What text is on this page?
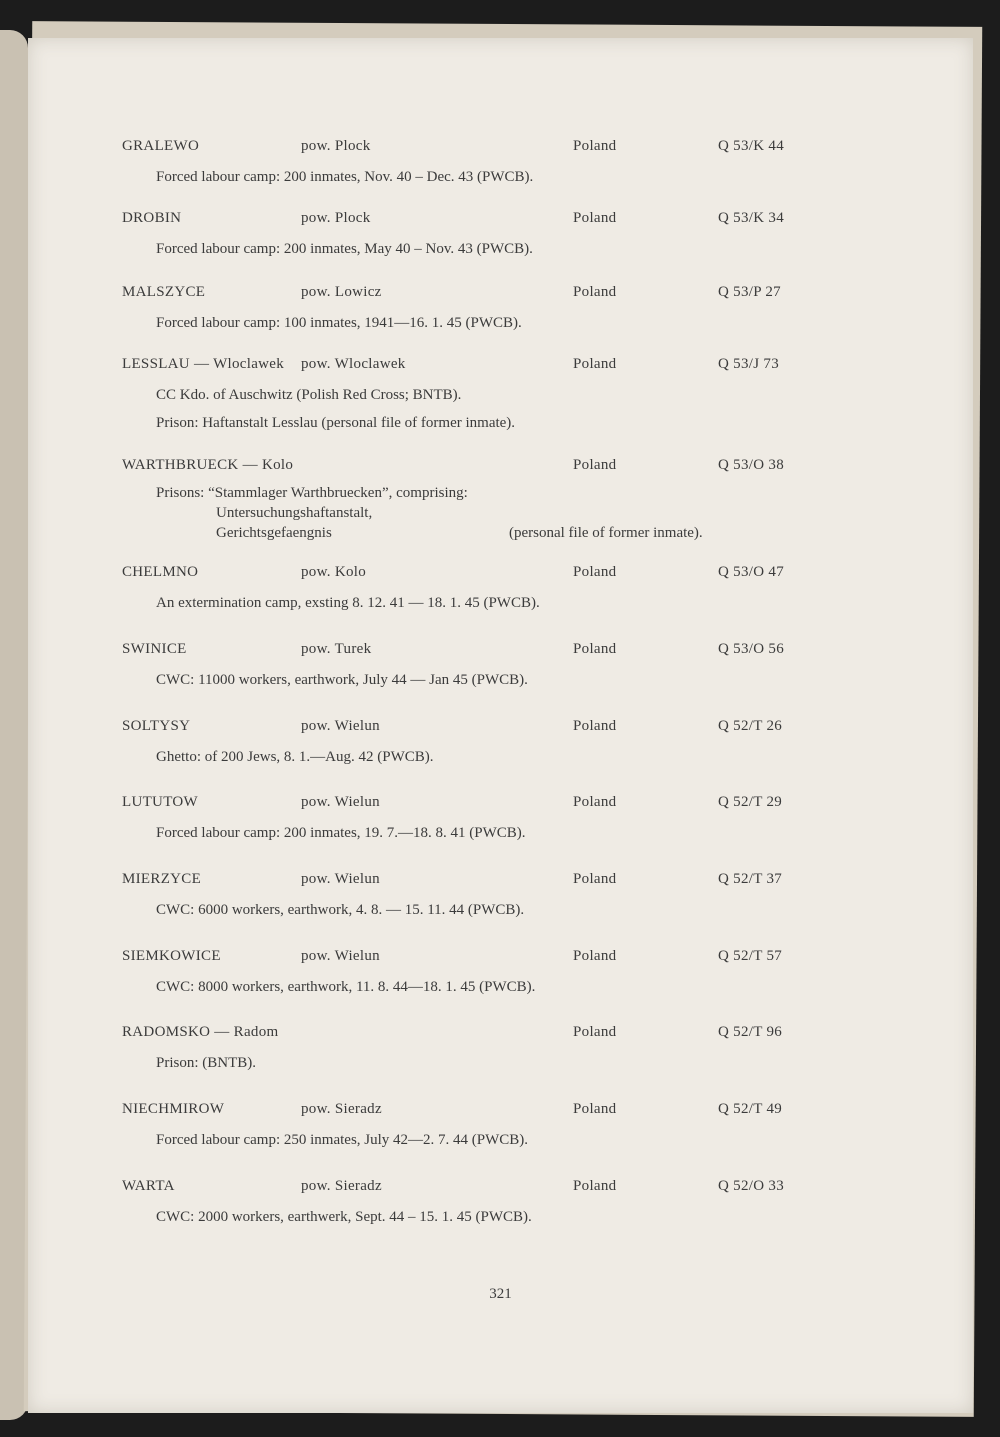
GRALEWO	pow. Plock	Poland	Q 53/K 44
Forced labour camp: 200 inmates, Nov. 40 – Dec. 43 (PWCB).
DROBIN	pow. Plock	Poland	Q 53/K 34
Forced labour camp: 200 inmates, May 40 – Nov. 43 (PWCB).
MALSZYCE	pow. Lowicz	Poland	Q 53/P 27
Forced labour camp: 100 inmates, 1941—16. 1. 45 (PWCB).
LESSLAU — Wloclawek pow. Wloclawek	Poland	Q 53/J 73
CC Kdo. of Auschwitz (Polish Red Cross; BNTB).
Prison: Haftanstalt Lesslau (personal file of former inmate).
WARTHBRUECK — Kolo	Poland	Q 53/O 38
Prisons: “Stammlager Warthbruecken”, comprising:
Untersuchungshaftanstalt,
Gerichtsgefaengnis	(personal file of former inmate).
CHELMNO	pow. Kolo	Poland	Q 53/O 47
An extermination camp, exsting 8. 12. 41 — 18. 1. 45 (PWCB).
SWINICE	pow. Turek	Poland	Q 53/O 56
CWC: 11000 workers, earthwork, July 44 — Jan 45 (PWCB).
SOLTYSY	pow. Wielun	Poland	Q 52/T 26
Ghetto: of 200 Jews, 8. 1.—Aug. 42 (PWCB).
LUTUTOW	pow. Wielun	Poland	Q 52/T 29
Forced labour camp: 200 inmates, 19. 7.—18. 8. 41 (PWCB).
MIERZYCE	pow. Wielun	Poland	Q 52/T 37
CWC: 6000 workers, earthwork, 4. 8. — 15. 11. 44 (PWCB).
SIEMKOWICE	pow. Wielun	Poland	Q 52/T 57
CWC: 8000 workers, earthwork, 11. 8. 44—18. 1. 45 (PWCB).
RADOMSKO — Radom	Poland	Q 52/T 96
Prison: (BNTB).
NIECHMIROW	pow. Sieradz	Poland	Q 52/T 49
Forced labour camp: 250 inmates, July 42—2. 7. 44 (PWCB).
WARTA	pow. Sieradz	Poland	Q 52/O 33
CWC: 2000 workers, earthwerk, Sept. 44 – 15. 1. 45 (PWCB).
321
